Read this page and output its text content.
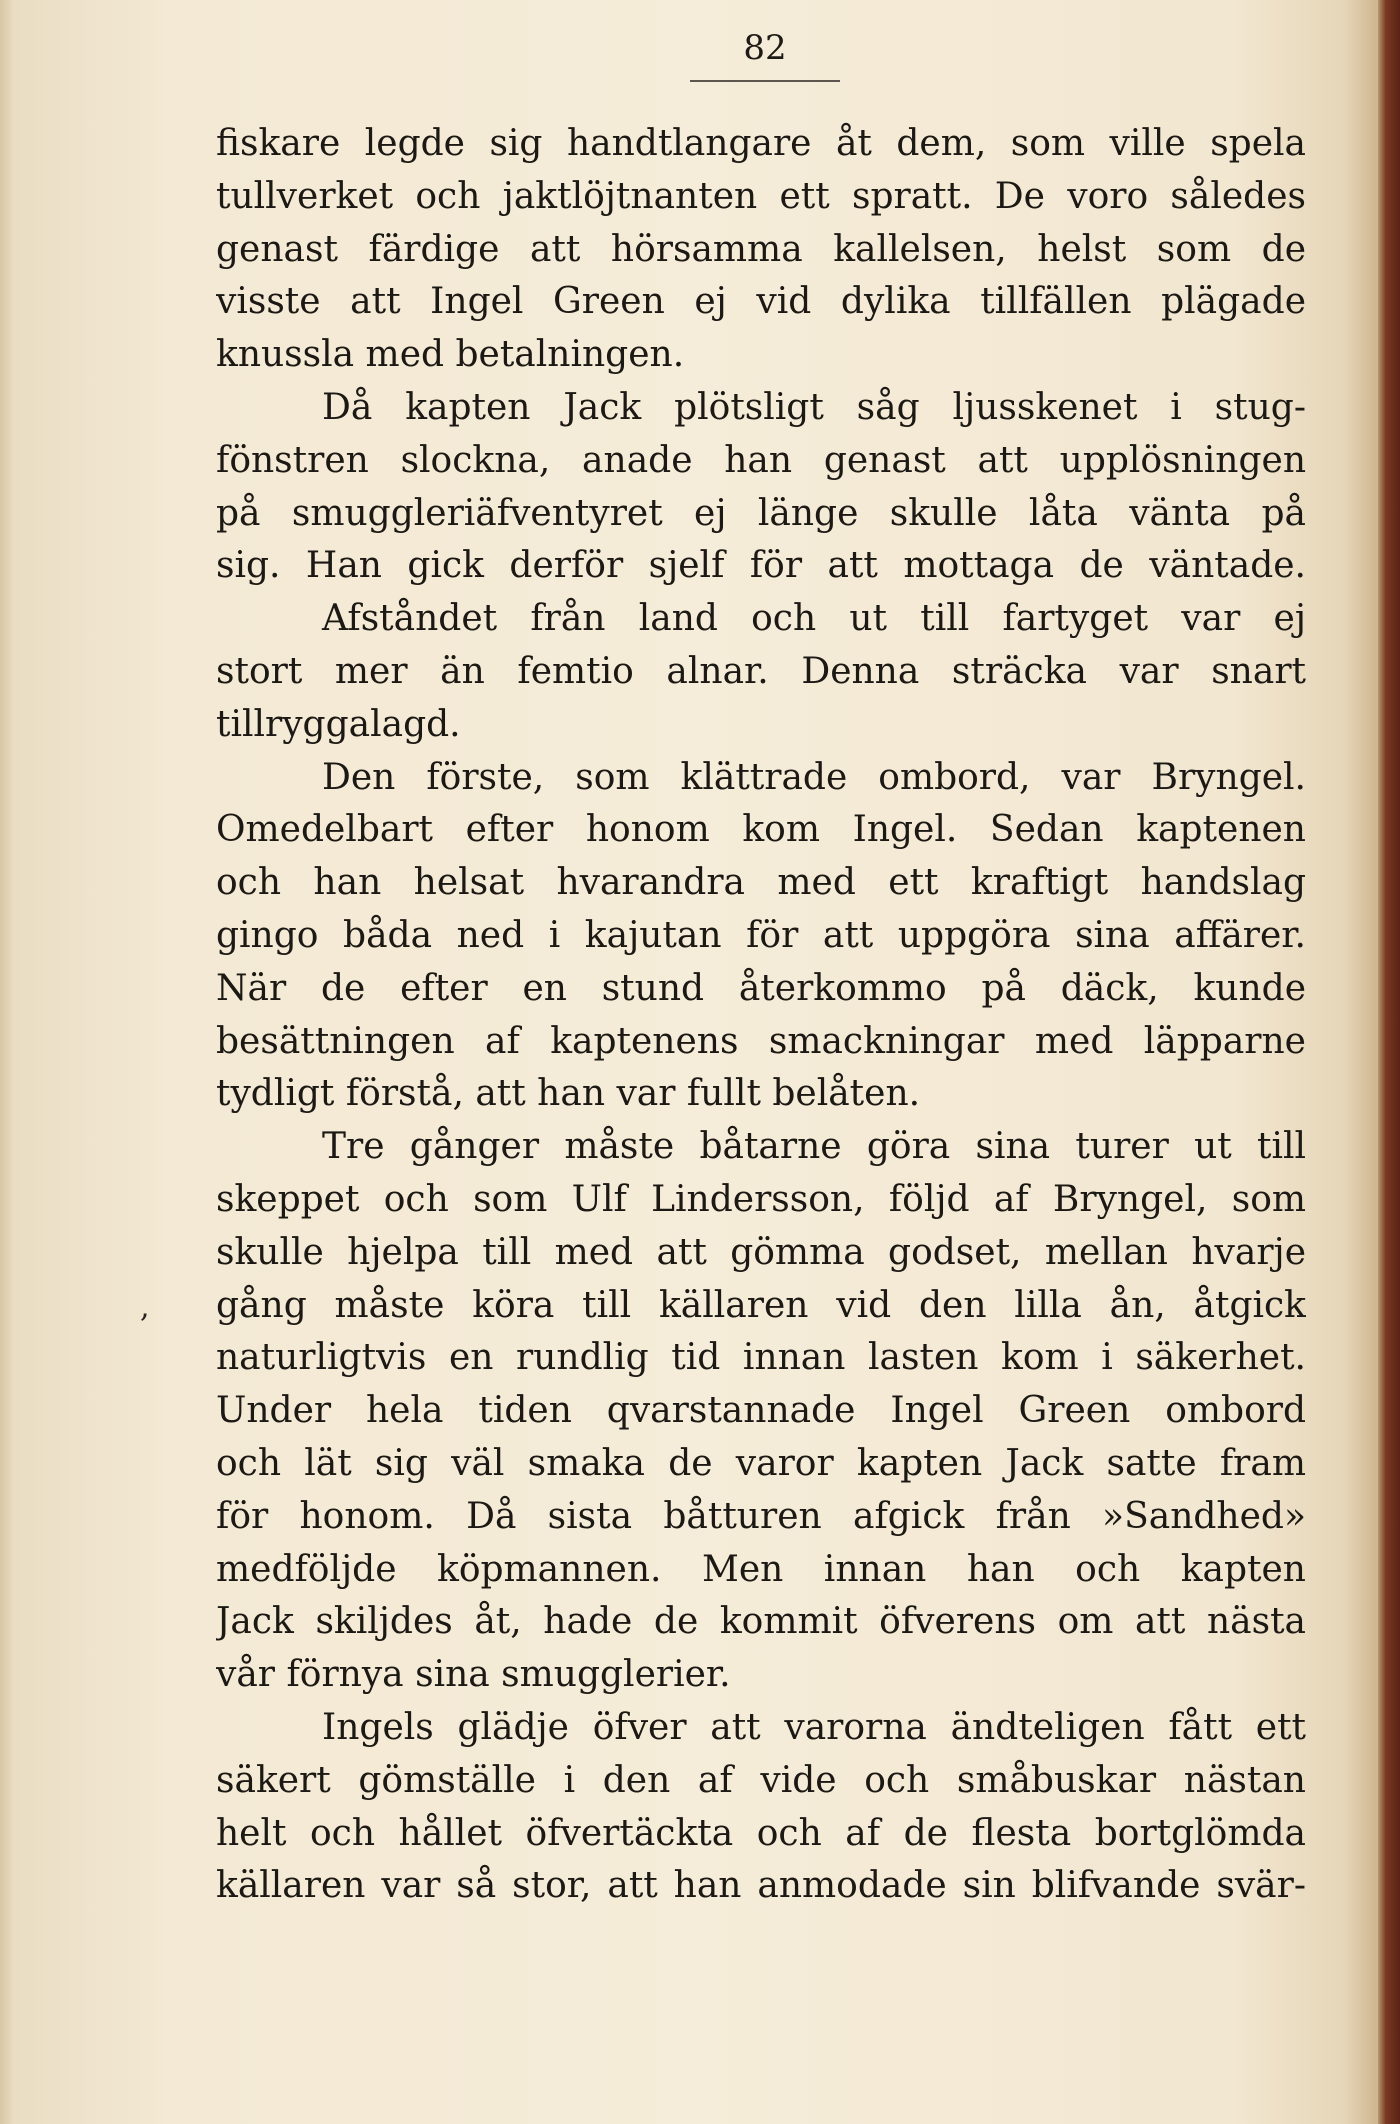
82
,
fiskare legde sig handtlangare åt dem, som ville spela
tullverket och jaktlöjtnanten ett spratt. De voro således
genast färdige att hörsamma kallelsen, helst som de
visste att Ingel Green ej vid dylika tillfällen plägade
knussla med betalningen.
Då kapten Jack plötsligt såg ljusskenet i stug-
fönstren slockna, anade han genast att upplösningen
på smuggleriäfventyret ej länge skulle låta vänta på
sig. Han gick derför sjelf för att mottaga de väntade.
Afståndet från land och ut till fartyget var ej
stort mer än femtio alnar. Denna sträcka var snart
tillryggalagd.
Den förste, som klättrade ombord, var Bryngel.
Omedelbart efter honom kom Ingel. Sedan kaptenen
och han helsat hvarandra med ett kraftigt handslag
gingo båda ned i kajutan för att uppgöra sina affärer.
När de efter en stund återkommo på däck, kunde
besättningen af kaptenens smackningar med läpparne
tydligt förstå, att han var fullt belåten.
Tre gånger måste båtarne göra sina turer ut till
skeppet och som Ulf Lindersson, följd af Bryngel, som
skulle hjelpa till med att gömma godset, mellan hvarje
gång måste köra till källaren vid den lilla ån, åtgick
naturligtvis en rundlig tid innan lasten kom i säkerhet.
Under hela tiden qvarstannade Ingel Green ombord
och lät sig väl smaka de varor kapten Jack satte fram
för honom. Då sista båtturen afgick från »Sandhed»
medföljde köpmannen. Men innan han och kapten
Jack skiljdes åt, hade de kommit öfverens om att nästa
vår förnya sina smugglerier.
Ingels glädje öfver att varorna ändteligen fått ett
säkert gömställe i den af vide och småbuskar nästan
helt och hållet öfvertäckta och af de flesta bortglömda
källaren var så stor, att han anmodade sin blifvande svär-
